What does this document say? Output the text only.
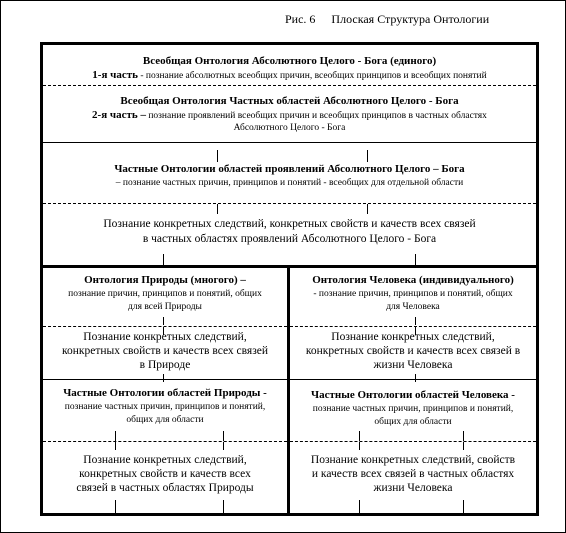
Рис. 6 Плоская Структура Онтологии
Всеобщая Онтология Абсолютного Целого - Бога (единого)
1-я часть - познание абсолютных всеобщих причин, всеобщих принципов и всеобщих понятий
Всеобщая Онтология Частных областей Абсолютного Целого - Бога
2-я часть – познание проявлений всеобщих причин и всеобщих принципов в частных областях
Абсолютного Целого - Бога
Частные Онтологии областей проявлений Абсолютного Целого – Бога
– познание частных причин, принципов и понятий - всеобщих для отдельной области
Познание конкретных следствий, конкретных свойств и качеств всех связей
в частных областях проявлений Абсолютного Целого - Бога
Онтология Природы (многого) –
познание причин, принципов и понятий, общих
для всей Природы
Познание конкретных следствий,
конкретных свойств и качеств всех связей
в Природе
Частные Онтологии областей Природы -
познание частных причин, принципов и понятий,
общих для области
Познание конкретных следствий,
конкретных свойств и качеств всех
связей в частных областях Природы
Онтология Человека (индивидуального)
- познание причин, принципов и понятий, общих
для Человека
Познание конкретных следствий,
конкретных свойств и качеств всех связей в
жизни Человека
Частные Онтологии областей Человека -
познание частных причин, принципов и понятий,
общих для области
Познание конкретных следствий, свойств
и качеств всех связей в частных областях
жизни Человека
